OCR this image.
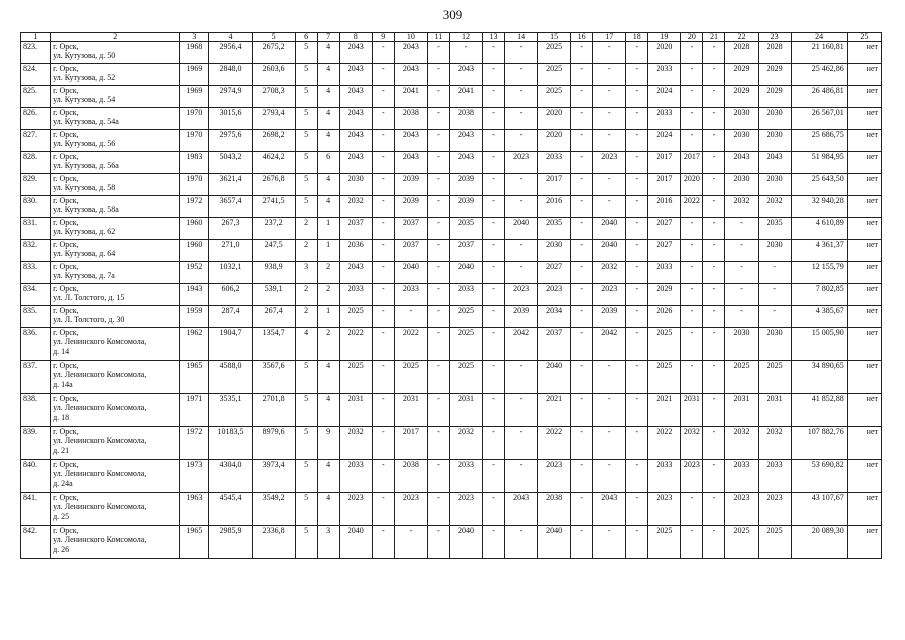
309
1	2	3	4	5	6	7	8	9	10	11	12	13	14	15	16	17	18	19	20	21	22	23	24	25
823.	г. Орск,
ул. Кутузова, д. 50	1968	2956,4	2675,2	5	4	2043	-	2043	-	-	-	-	2025	-	-	-	2020	-	-	2028	2028	21 160,81	нет
824.	г. Орск,
ул. Кутузова, д. 52	1969	2848,0	2603,6	5	4	2043	-	2043	-	2043	-	-	2025	-	-	-	2033	-	-	2029	2029	25 462,86	нет
825.	г. Орск,
ул. Кутузова, д. 54	1969	2974,9	2708,3	5	4	2043	-	2041	-	2041	-	-	2025	-	-	-	2024	-	-	2029	2029	26 486,81	нет
826.	г. Орск,
ул. Кутузова, д. 54а	1970	3015,6	2793,4	5	4	2043	-	2038	-	2038	-	-	2020	-	-	-	2033	-	-	2030	2030	26 567,01	нет
827.	г. Орск,
ул. Кутузова, д. 56	1970	2975,6	2698,2	5	4	2043	-	2043	-	2043	-	-	2020	-	-	-	2024	-	-	2030	2030	25 686,75	нет
828.	г. Орск,
ул. Кутузова, д. 56а	1983	5043,2	4624,2	5	6	2043	-	2043	-	2043	-	2023	2033	-	2023	-	2017	2017	-	2043	2043	51 984,95	нет
829.	г. Орск,
ул. Кутузова, д. 58	1970	3621,4	2676,8	5	4	2030	-	2039	-	2039	-	-	2017	-	-	-	2017	2020	-	2030	2030	25 643,50	нет
830.	г. Орск,
ул. Кутузова, д. 58а	1972	3657,4	2741,5	5	4	2032	-	2039	-	2039	-	-	2016	-	-	-	2016	2022	-	2032	2032	32 940,28	нет
831.	г. Орск,
ул. Кутузова, д. 62	1960	267,3	237,2	2	1	2037	-	2037	-	2035	-	2040	2035	-	2040	-	2027	-	-	-	2035	4 610,89	нет
832.	г. Орск,
ул. Кутузова, д. 64	1960	271,0	247,5	2	1	2036	-	2037	-	2037	-	-	2030	-	2040	-	2027	-	-	-	2030	4 361,37	нет
833.	г. Орск,
ул. Кутузова, д. 7а	1952	1032,1	938,9	3	2	2043	-	2040	-	2040	-	-	2027	-	2032	-	2033	-	-	-	-	12 155,79	нет
834.	г. Орск,
ул. Л. Толстого, д. 15	1943	606,2	539,1	2	2	2033	-	2033	-	2033	-	2023	2023	-	2023	-	2029	-	-	-	-	7 802,85	нет
835.	г. Орск,
ул. Л. Толстого, д. 30	1959	287,4	267,4	2	1	2025	-	-	-	2025	-	2039	2034	-	2039	-	2026	-	-	-	-	4 385,67	нет
836.	г. Орск,
ул. Ленинского Комсомола,
д. 14	1962	1904,7	1354,7	4	2	2022	-	2022	-	2025	-	2042	2037	-	2042	-	2025	-	-	2030	2030	15 005,90	нет
837.	г. Орск,
ул. Ленинского Комсомола,
д. 14а	1965	4588,0	3567,6	5	4	2025	-	2025	-	2025	-	-	2040	-	-	-	2025	-	-	2025	2025	34 890,65	нет
838.	г. Орск,
ул. Ленинского Комсомола,
д. 18	1971	3535,1	2701,8	5	4	2031	-	2031	-	2031	-	-	2021	-	-	-	2021	2031	-	2031	2031	41 852,88	нет
839.	г. Орск,
ул. Ленинского Комсомола,
д. 21	1972	10183,5	8979,6	5	9	2032	-	2017	-	2032	-	-	2022	-	-	-	2022	2032	-	2032	2032	107 882,76	нет
840.	г. Орск,
ул. Ленинского Комсомола,
д. 24а	1973	4304,0	3973,4	5	4	2033	-	2038	-	2033	-	-	2023	-	-	-	2033	2023	-	2033	2033	53 690,82	нет
841.	г. Орск,
ул. Ленинского Комсомола,
д. 25	1963	4545,4	3549,2	5	4	2023	-	2023	-	2023	-	2043	2038	-	2043	-	2023	-	-	2023	2023	43 107,67	нет
842.	г. Орск,
ул. Ленинского Комсомола,
д. 26	1965	2985,9	2336,8	5	3	2040	-	-	-	2040	-	-	2040	-	-	-	2025	-	-	2025	2025	20 089,30	нет
